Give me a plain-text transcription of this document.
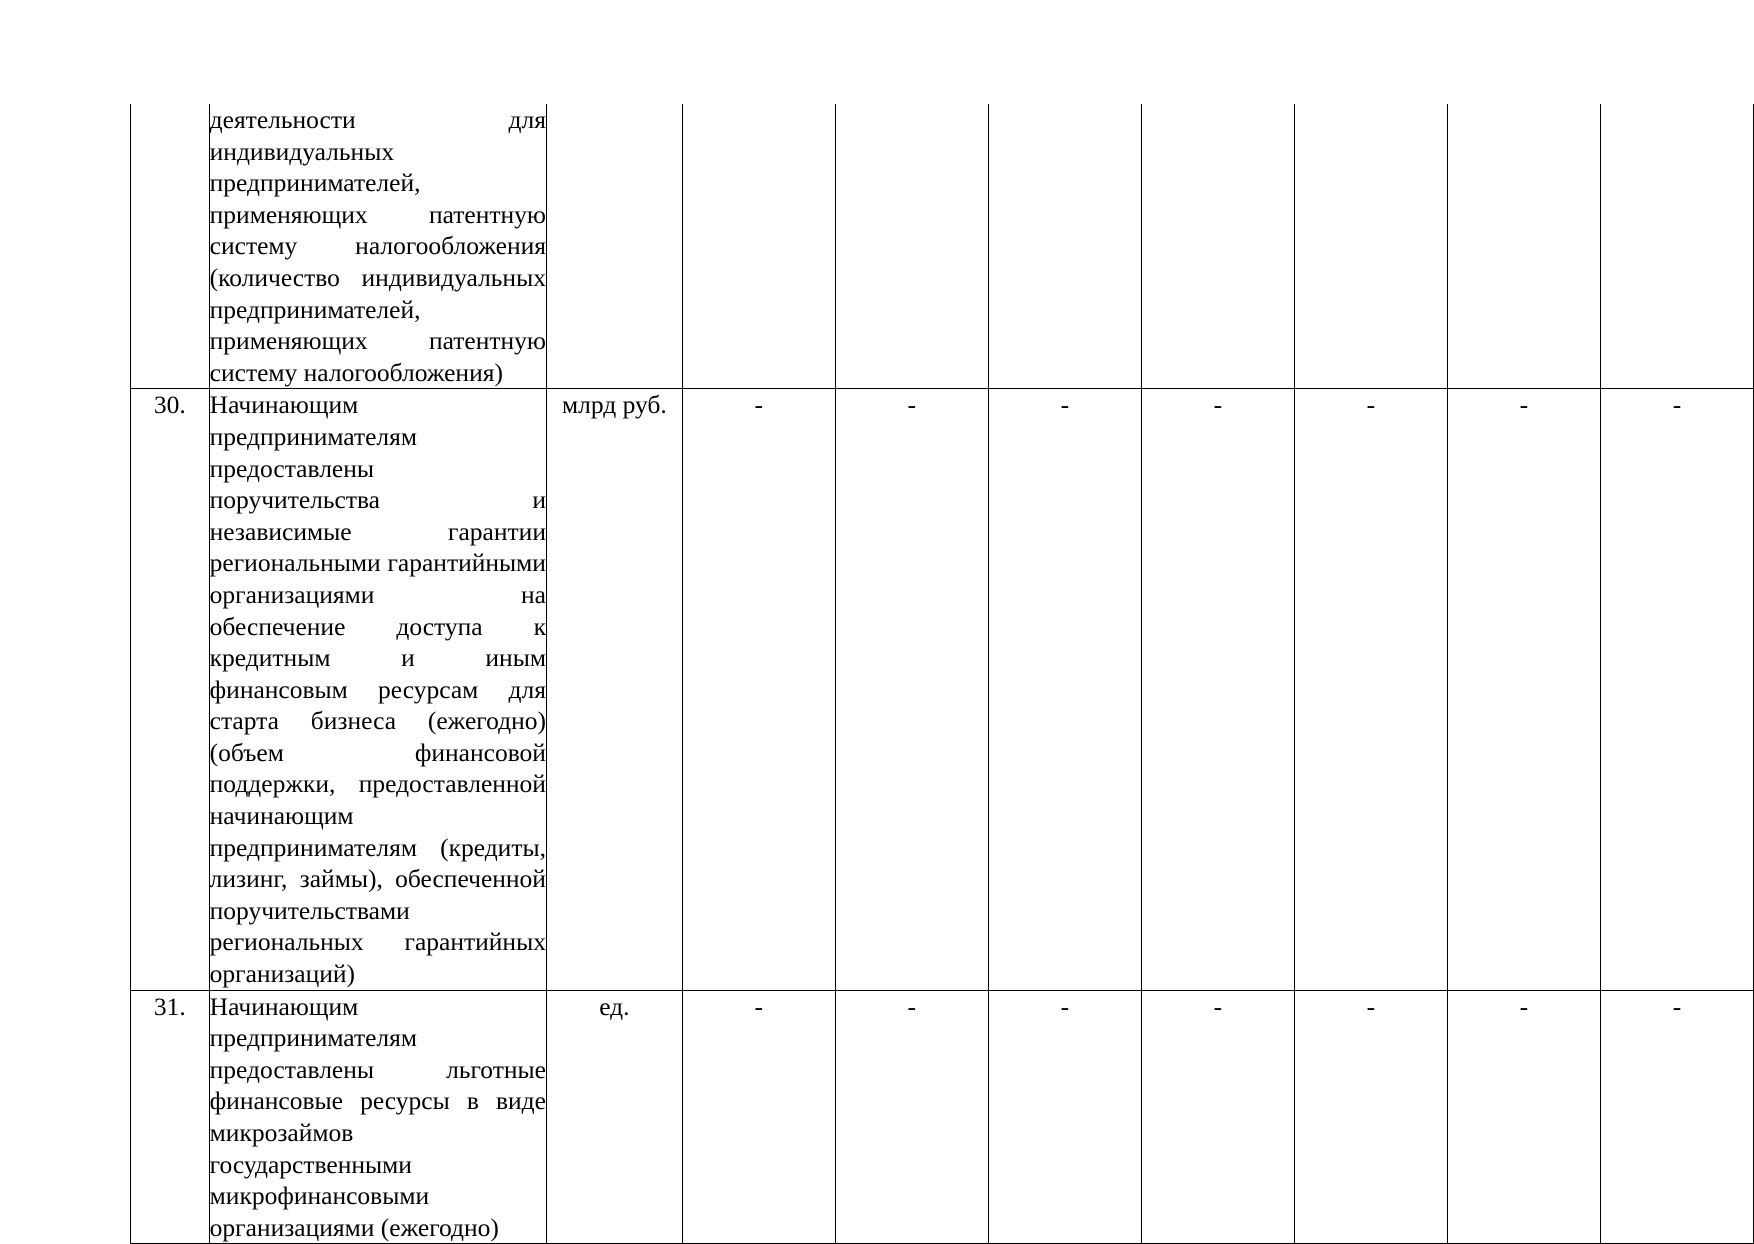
	деятельности для индивидуальных предпринимателей, применяющих патентную систему налогообложения (количество индивидуальных предпринимателей, применяющих патентную систему налогообложения)								

30.	Начинающим предпринимателям предоставлены поручительства и независимые гарантии региональными гарантийными организациями на обеспечение доступа к кредитным и иным финансовым ресурсам для старта бизнеса (ежегодно) (объем финансовой поддержки, предоставленной начинающим предпринимателям (кредиты, лизинг, займы), обеспеченной поручительствами региональных гарантийных организаций)	млрд руб.	-	-	-	-	-	-	-
31.	Начинающим предпринимателям предоставлены льготные финансовые ресурсы в виде микрозаймов государственными микрофинансовыми организациями (ежегодно)	ед.	-	-	-	-	-	-	-
